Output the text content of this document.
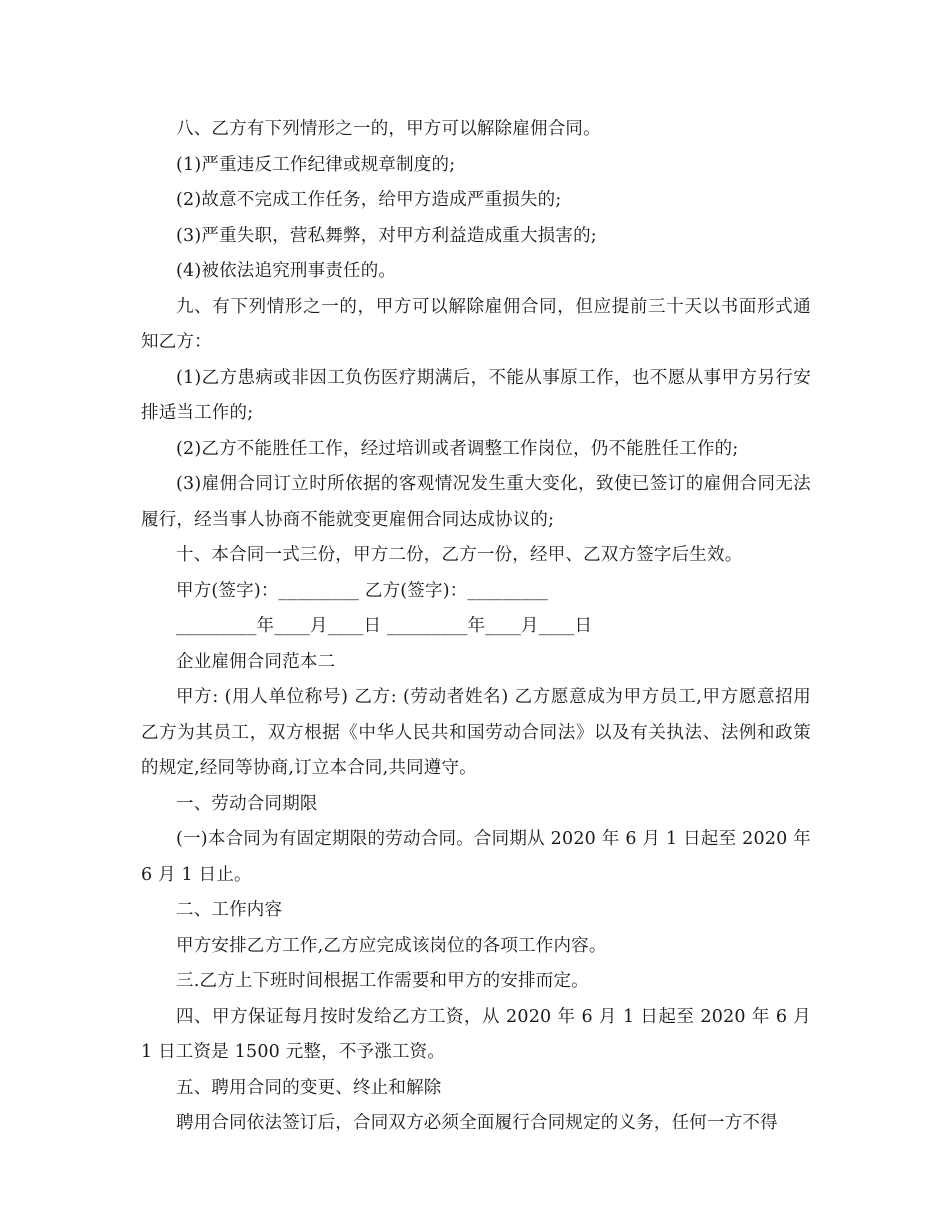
八、乙方有下列情形之一的，甲方可以解除雇佣合同。

(1)严重违反工作纪律或规章制度的;

(2)故意不完成工作任务，给甲方造成严重损失的;

(3)严重失职，营私舞弊，对甲方利益造成重大损害的;

(4)被依法追究刑事责任的。

九、有下列情形之一的，甲方可以解除雇佣合同，但应提前三十天以书面形式通知乙方：

(1)乙方患病或非因工负伤医疗期满后，不能从事原工作，也不愿从事甲方另行安排适当工作的;

(2)乙方不能胜任工作，经过培训或者调整工作岗位，仍不能胜任工作的;

(3)雇佣合同订立时所依据的客观情况发生重大变化，致使已签订的雇佣合同无法履行，经当事人协商不能就变更雇佣合同达成协议的;

十、本合同一式三份，甲方二份，乙方一份，经甲、乙双方签字后生效。

甲方(签字)：_________ 乙方(签字)：_________

_________年____月____日 _________年____月____日

企业雇佣合同范本二

甲方: (用人单位称号) 乙方: (劳动者姓名) 乙方愿意成为甲方员工,甲方愿意招用乙方为其员工，双方根据《中华人民共和国劳动合同法》以及有关执法、法例和政策的规定,经同等协商,订立本合同,共同遵守。

一、劳动合同期限

(一)本合同为有固定期限的劳动合同。合同期从 2020 年 6 月 1 日起至 2020 年 6 月 1 日止。

二、工作内容

甲方安排乙方工作,乙方应完成该岗位的各项工作内容。

三.乙方上下班时间根据工作需要和甲方的安排而定。

四、甲方保证每月按时发给乙方工资，从 2020 年 6 月 1 日起至 2020 年 6 月 1 日工资是 1500 元整，不予涨工资。

五、聘用合同的变更、终止和解除

聘用合同依法签订后，合同双方必须全面履行合同规定的义务，任何一方不得
